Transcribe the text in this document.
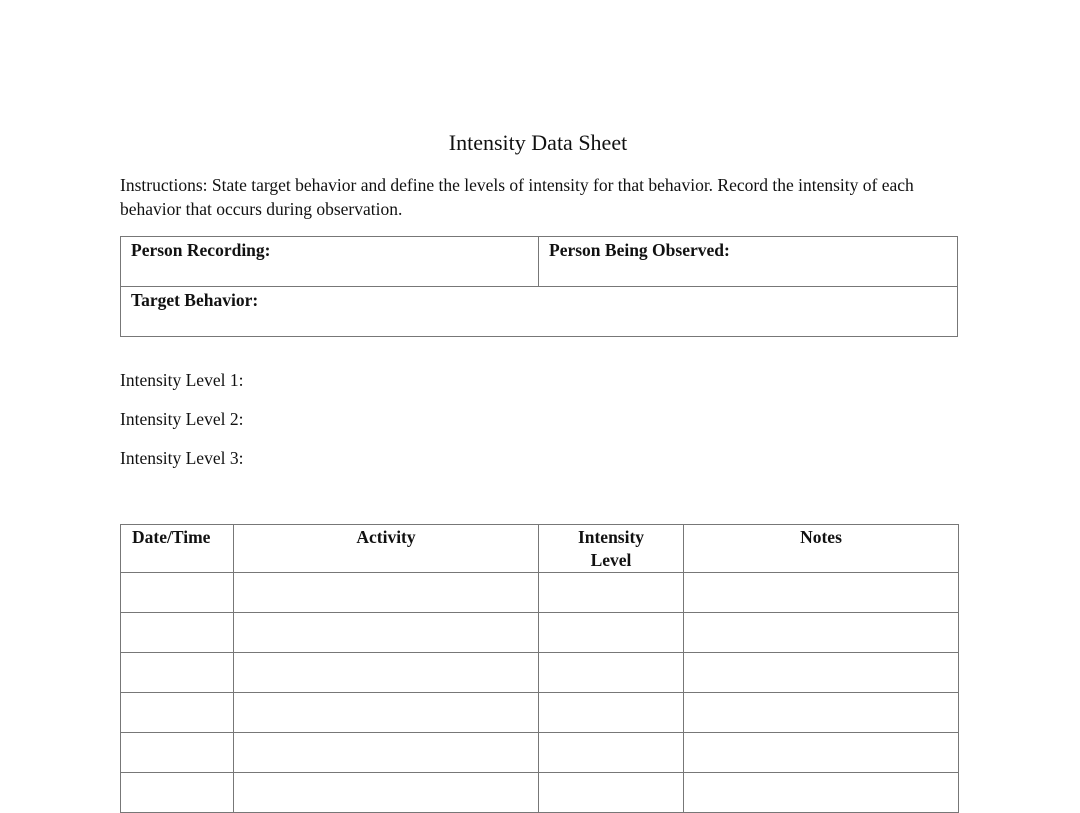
Intensity Data Sheet
Instructions: State target behavior and define the levels of intensity for that behavior. Record the intensity of each behavior that occurs during observation.
Person Recording:	Person Being Observed:
Target Behavior:
Intensity Level 1:
Intensity Level 2:
Intensity Level 3:
Date/Time	Activity	Intensity Level	Notes
